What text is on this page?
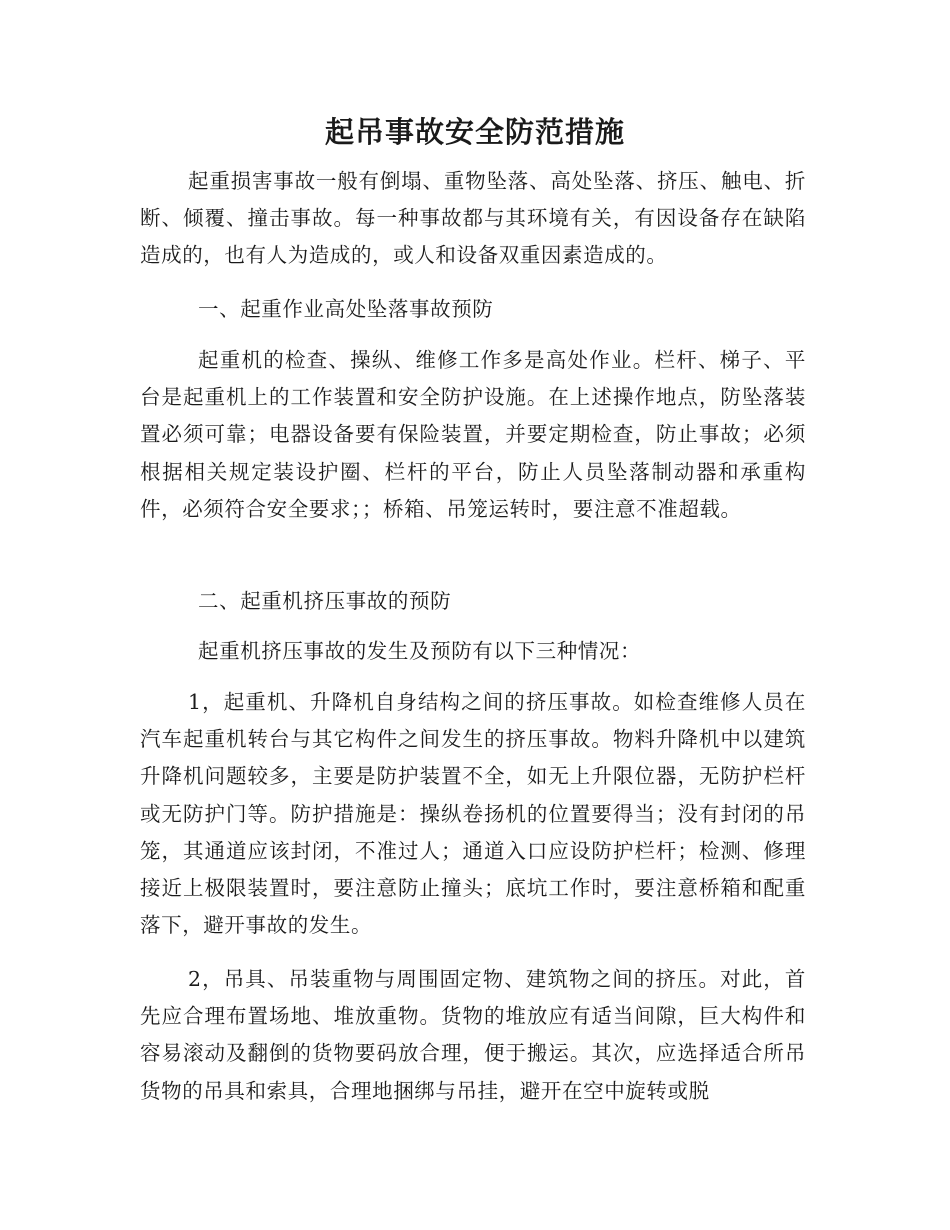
起吊事故安全防范措施

起重损害事故一般有倒塌、重物坠落、高处坠落、挤压、触电、折断、倾覆、撞击事故。每一种事故都与其环境有关，有因设备存在缺陷造成的，也有人为造成的，或人和设备双重因素造成的。

一、起重作业高处坠落事故预防

起重机的检查、操纵、维修工作多是高处作业。栏杆、梯子、平台是起重机上的工作装置和安全防护设施。在上述操作地点，防坠落装置必须可靠；电器设备要有保险装置，并要定期检查，防止事故；必须根据相关规定装设护圈、栏杆的平台，防止人员坠落制动器和承重构件，必须符合安全要求；；桥箱、吊笼运转时，要注意不准超载。

二、起重机挤压事故的预防

起重机挤压事故的发生及预防有以下三种情况：

1，起重机、升降机自身结构之间的挤压事故。如检查维修人员在汽车起重机转台与其它构件之间发生的挤压事故。物料升降机中以建筑升降机问题较多，主要是防护装置不全，如无上升限位器，无防护栏杆或无防护门等。防护措施是：操纵卷扬机的位置要得当；没有封闭的吊笼，其通道应该封闭，不准过人；通道入口应设防护栏杆；检测、修理接近上极限装置时，要注意防止撞头；底坑工作时，要注意桥箱和配重落下，避开事故的发生。

2，吊具、吊装重物与周围固定物、建筑物之间的挤压。对此，首先应合理布置场地、堆放重物。货物的堆放应有适当间隙，巨大构件和容易滚动及翻倒的货物要码放合理，便于搬运。其次，应选择适合所吊货物的吊具和索具，合理地捆绑与吊挂，避开在空中旋转或脱
